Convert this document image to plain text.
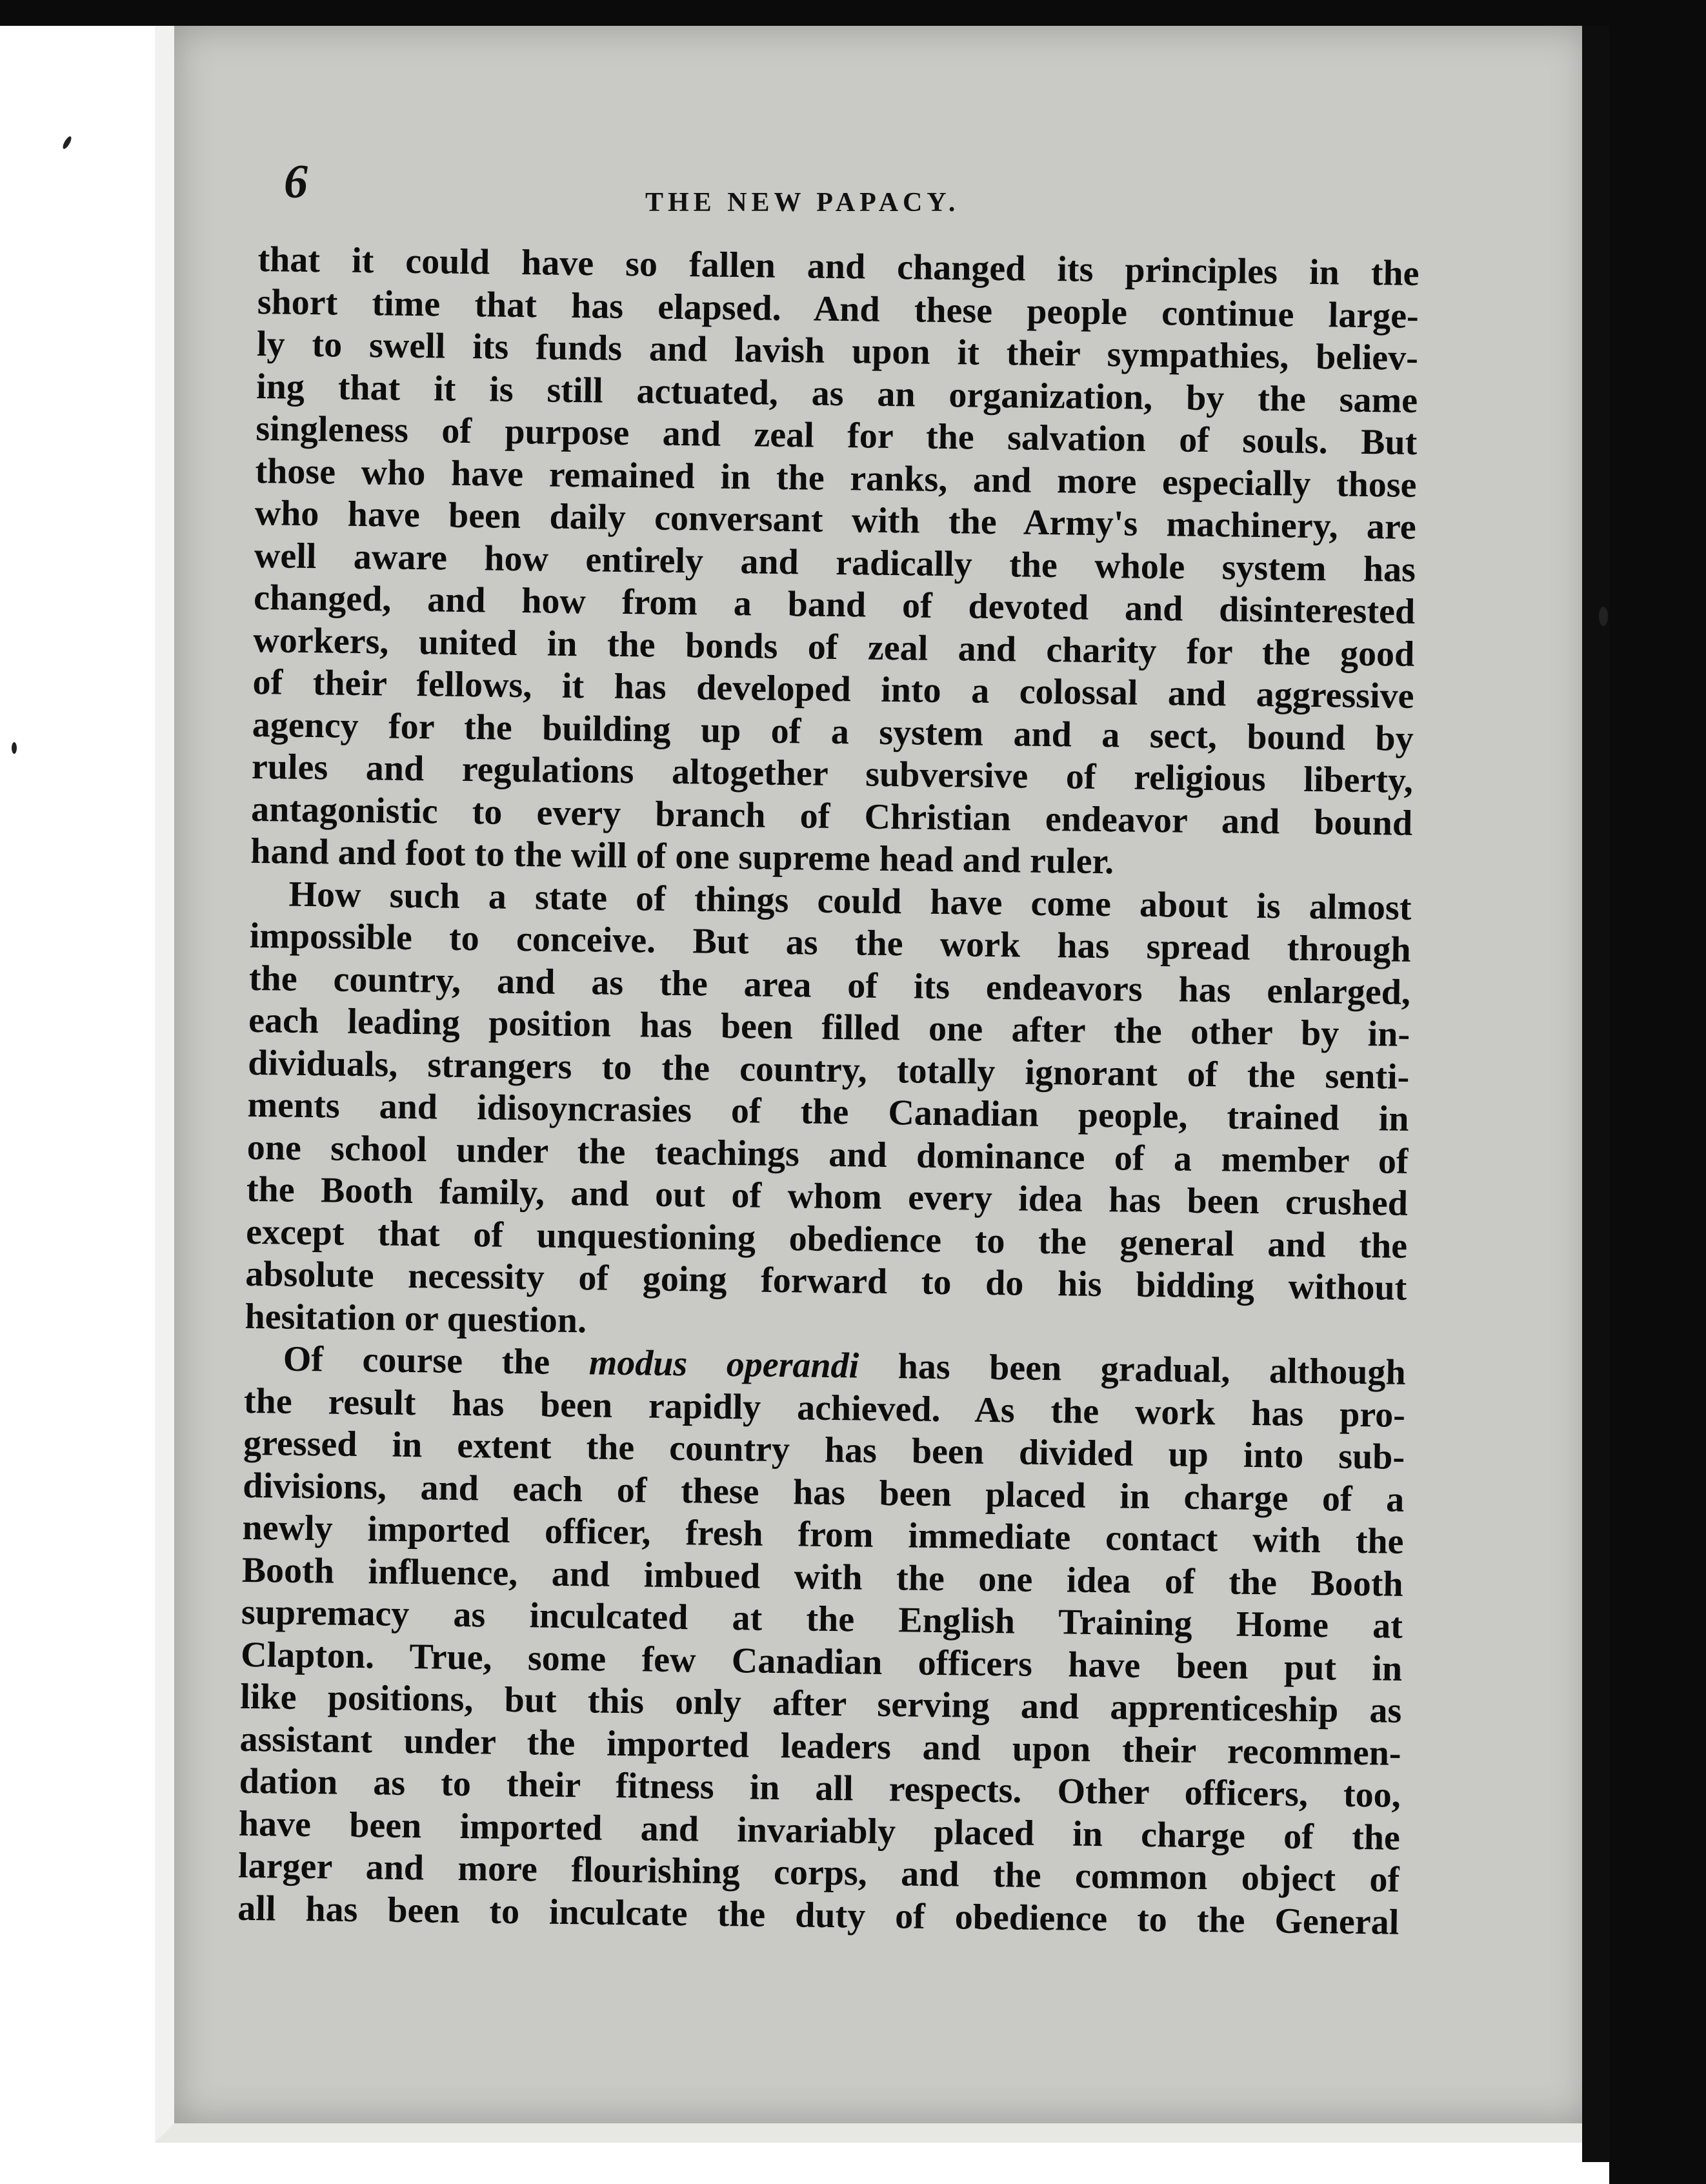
6	THE NEW PAPACY.
that it could have so fallen and changed its principles in the
short time that has elapsed. And these people continue large-
ly to swell its funds and lavish upon it their sympathies, believ-
ing that it is still actuated, as an organization, by the same
singleness of purpose and zeal for the salvation of souls. But
those who have remained in the ranks, and more especially those
who have been daily conversant with the Army's machinery, are
well aware how entirely and radically the whole system has
changed, and how from a band of devoted and disinterested
workers, united in the bonds of zeal and charity for the good
of their fellows, it has developed into a colossal and aggressive
agency for the building up of a system and a sect, bound by
rules and regulations altogether subversive of religious liberty,
antagonistic to every branch of Christian endeavor and bound
hand and foot to the will of one supreme head and ruler.
How such a state of things could have come about is almost
impossible to conceive. But as the work has spread through
the country, and as the area of its endeavors has enlarged,
each leading position has been filled one after the other by in-
dividuals, strangers to the country, totally ignorant of the senti-
ments and idisoyncrasies of the Canadian people, trained in
one school under the teachings and dominance of a member of
the Booth family, and out of whom every idea has been crushed
except that of unquestioning obedience to the general and the
absolute necessity of going forward to do his bidding without
hesitation or question.
Of course the modus operandi has been gradual, although
the result has been rapidly achieved. As the work has pro-
gressed in extent the country has been divided up into sub-
divisions, and each of these has been placed in charge of a
newly imported officer, fresh from immediate contact with the
Booth influence, and imbued with the one idea of the Booth
supremacy as inculcated at the English Training Home at
Clapton. True, some few Canadian officers have been put in
like positions, but this only after serving and apprenticeship as
assistant under the imported leaders and upon their recommen-
dation as to their fitness in all respects. Other officers, too,
have been imported and invariably placed in charge of the
larger and more flourishing corps, and the common object of
all has been to inculcate the duty of obedience to the General
